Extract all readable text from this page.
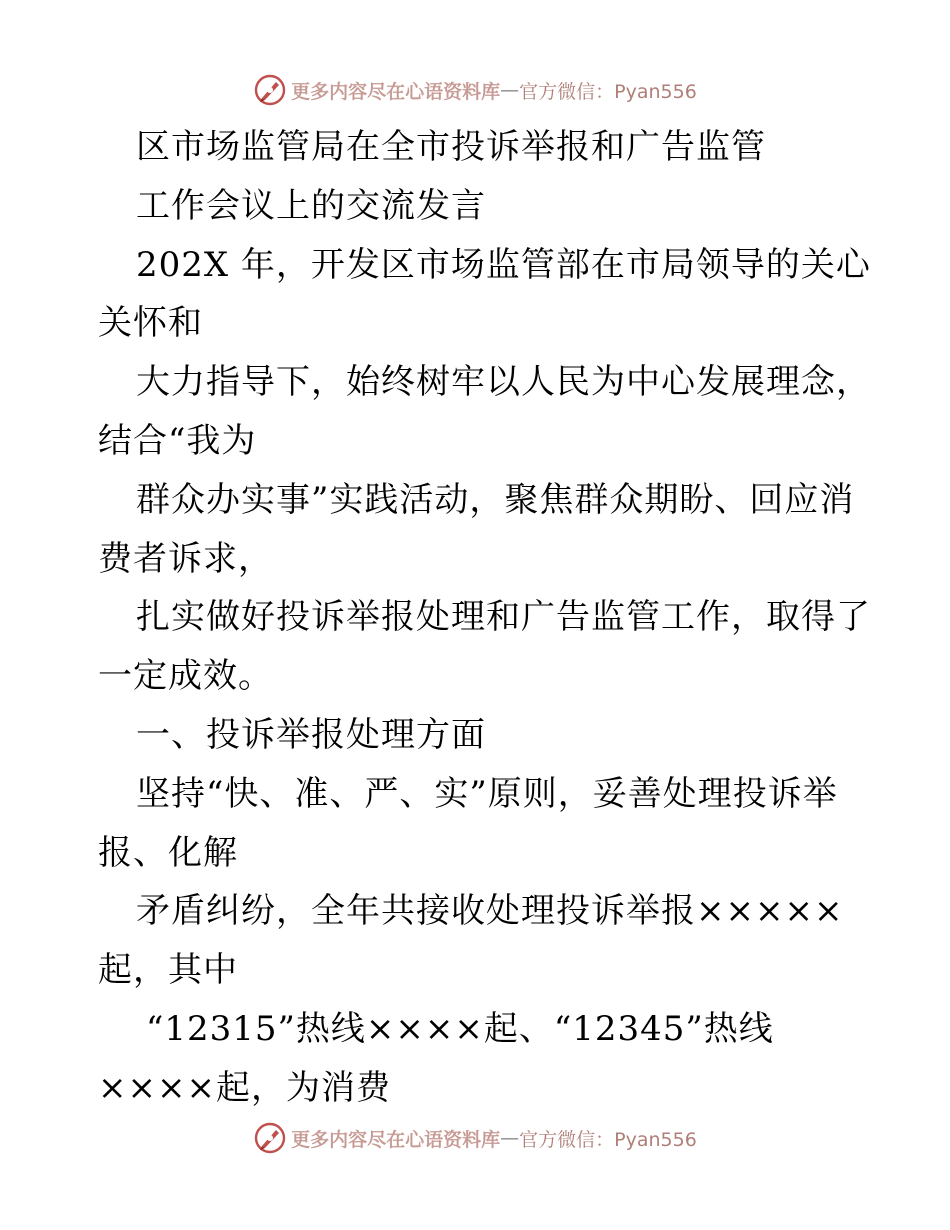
更多内容尽在心语资料库 — 官方微信：Pyan556
区市场监管局在全市投诉举报和广告监管
工作会议上的交流发言
202X 年，开发区市场监管部在市局领导的关心
关怀和
大力指导下，始终树牢以人民为中心发展理念，
结合“我为
群众办实事”实践活动，聚焦群众期盼、回应消
费者诉求，
扎实做好投诉举报处理和广告监管工作，取得了
一定成效。
一、投诉举报处理方面
坚持“快、准、严、实”原则，妥善处理投诉举
报、化解
矛盾纠纷，全年共接收处理投诉举报×××××
起，其中
“12315”热线××××起、“12345”热线
××××起，为消费
更多内容尽在心语资料库 — 官方微信：Pyan556
